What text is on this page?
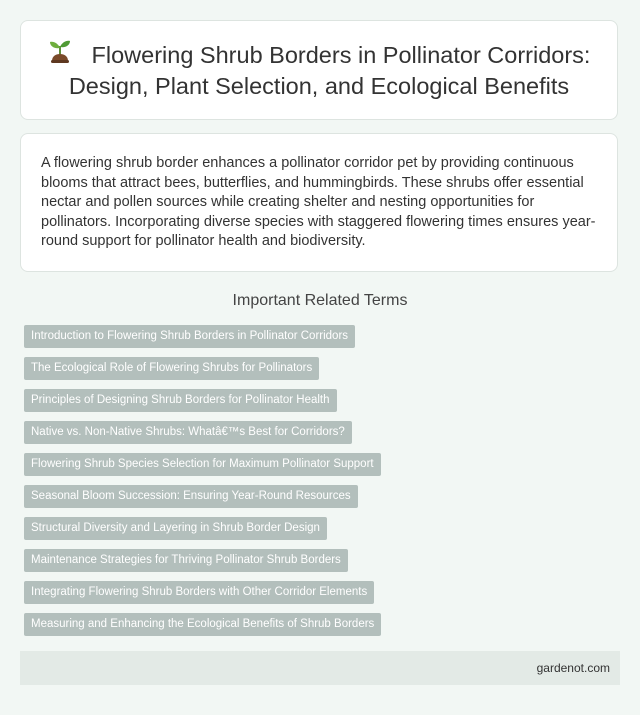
Flowering Shrub Borders in Pollinator Corridors: Design, Plant Selection, and Ecological Benefits

A flowering shrub border enhances a pollinator corridor pet by providing continuous blooms that attract bees, butterflies, and hummingbirds. These shrubs offer essential nectar and pollen sources while creating shelter and nesting opportunities for pollinators. Incorporating diverse species with staggered flowering times ensures year-round support for pollinator health and biodiversity.

Important Related Terms
Introduction to Flowering Shrub Borders in Pollinator Corridors
The Ecological Role of Flowering Shrubs for Pollinators
Principles of Designing Shrub Borders for Pollinator Health
Native vs. Non-Native Shrubs: Whatâ€™s Best for Corridors?
Flowering Shrub Species Selection for Maximum Pollinator Support
Seasonal Bloom Succession: Ensuring Year-Round Resources
Structural Diversity and Layering in Shrub Border Design
Maintenance Strategies for Thriving Pollinator Shrub Borders
Integrating Flowering Shrub Borders with Other Corridor Elements
Measuring and Enhancing the Ecological Benefits of Shrub Borders
gardenot.com
